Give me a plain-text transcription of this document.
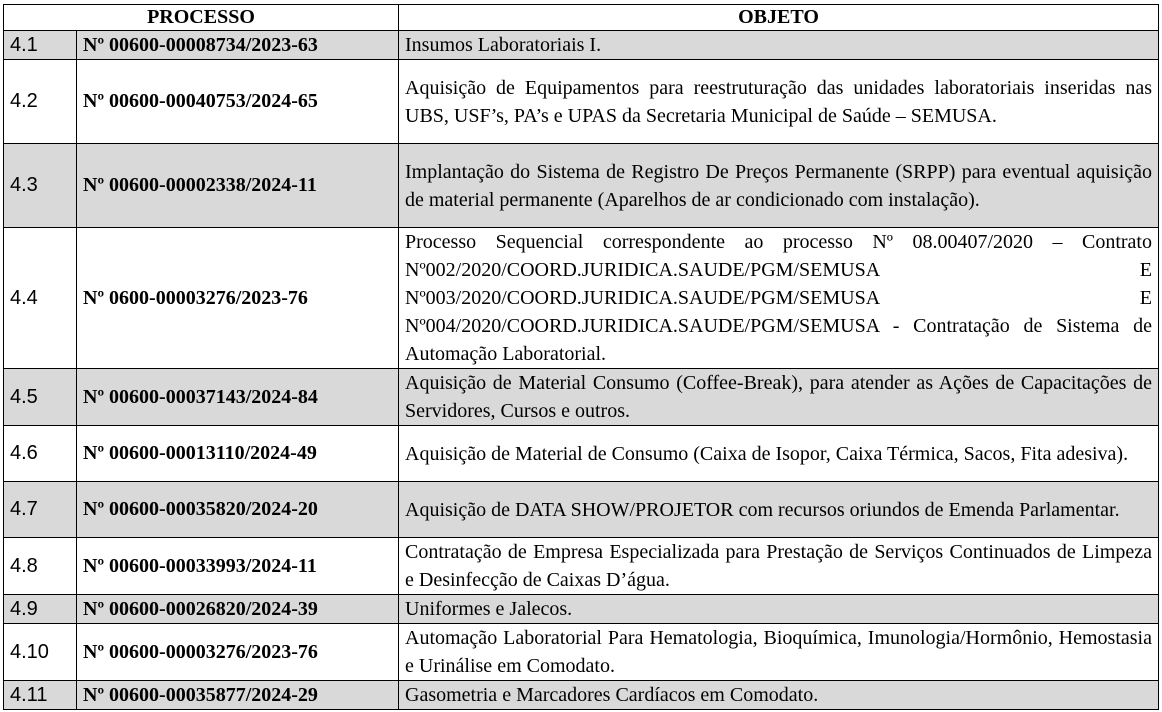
PROCESSO		OBJETO
4.1	Nº 00600-00008734/2023-63	Insumos Laboratoriais I.
4.2	Nº 00600-00040753/2024-65	Aquisição de Equipamentos para reestruturação das unidades laboratoriais inseridas nas UBS, USF’s, PA’s e UPAS da Secretaria Municipal de Saúde – SEMUSA.
4.3	Nº 00600-00002338/2024-11	Implantação do Sistema de Registro De Preços Permanente (SRPP) para eventual aquisição de material permanente (Aparelhos de ar condicionado com instalação).
4.4	Nº 0600-00003276/2023-76	Processo Sequencial correspondente ao processo Nº 08.00407/2020 – Contrato Nº002/2020/COORD.JURIDICA.SAUDE/PGM/SEMUSA E Nº003/2020/COORD.JURIDICA.SAUDE/PGM/SEMUSA E Nº004/2020/COORD.JURIDICA.SAUDE/PGM/SEMUSA - Contratação de Sistema de Automação Laboratorial.
4.5	Nº 00600-00037143/2024-84	Aquisição de Material Consumo (Coffee-Break), para atender as Ações de Capacitações de Servidores, Cursos e outros.
4.6	Nº 00600-00013110/2024-49	Aquisição de Material de Consumo (Caixa de Isopor, Caixa Térmica, Sacos, Fita adesiva).
4.7	Nº 00600-00035820/2024-20	Aquisição de DATA SHOW/PROJETOR com recursos oriundos de Emenda Parlamentar.
4.8	Nº 00600-00033993/2024-11	Contratação de Empresa Especializada para Prestação de Serviços Continuados de Limpeza e Desinfecção de Caixas D’água.
4.9	Nº 00600-00026820/2024-39	Uniformes e Jalecos.
4.10	Nº 00600-00003276/2023-76	Automação Laboratorial Para Hematologia, Bioquímica, Imunologia/Hormônio, Hemostasia e Urinálise em Comodato.
4.11	Nº 00600-00035877/2024-29	Gasometria e Marcadores Cardíacos em Comodato.
